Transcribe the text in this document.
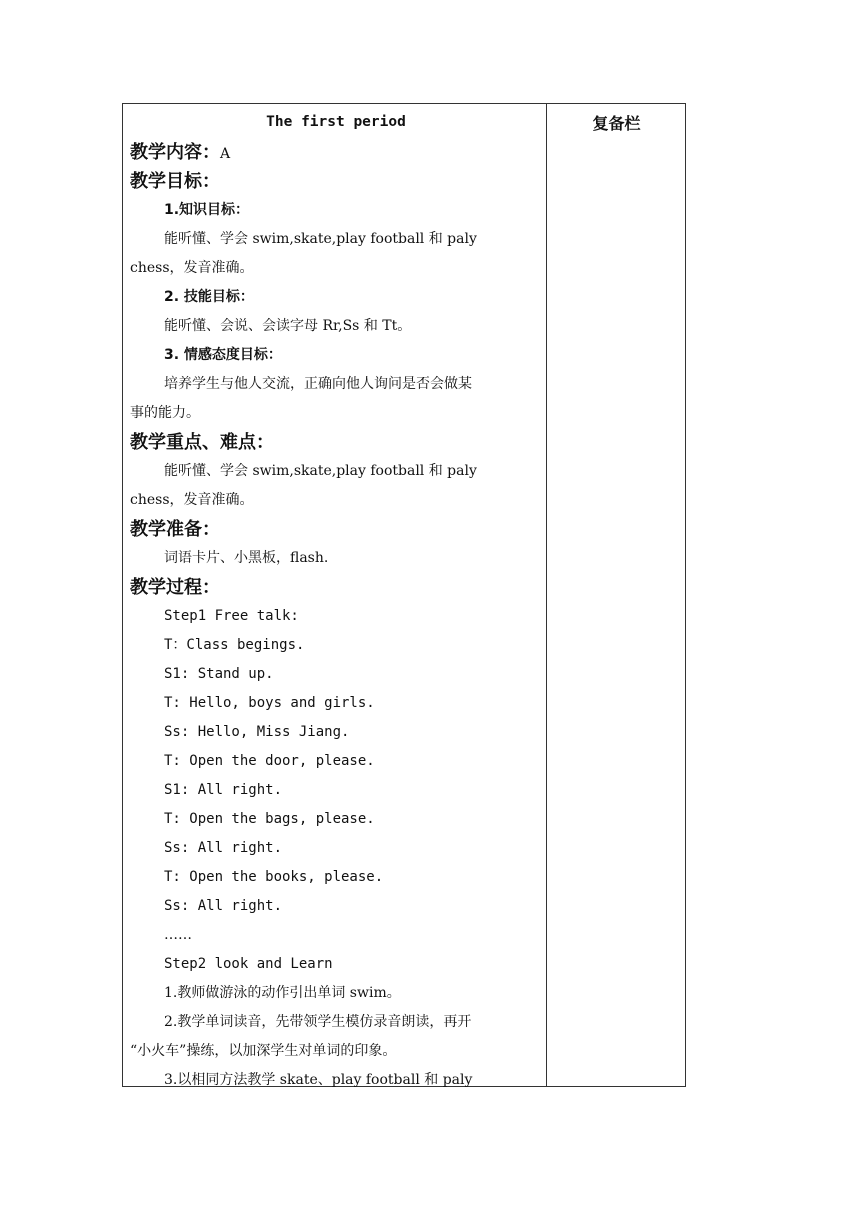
复备栏
The first period
教学内容：A
教学目标：
1.知识目标：
能听懂、学会 swim,skate,play football 和 paly
chess，发音准确。
2. 技能目标：
能听懂、会说、会读字母 Rr,Ss 和 Tt。
3. 情感态度目标：
培养学生与他人交流，正确向他人询问是否会做某
事的能力。
教学重点、难点：
能听懂、学会 swim,skate,play football 和 paly
chess，发音准确。
教学准备：
词语卡片、小黑板，flash.
教学过程：
Step1 Free talk:
T：Class begings.
S1: Stand up.
T: Hello, boys and girls.
Ss: Hello, Miss Jiang.
T: Open the door, please.
S1: All right.
T: Open the bags, please.
Ss: All right.
T: Open the books, please.
Ss: All right.
……
Step2 look and Learn
1.教师做游泳的动作引出单词 swim。
2.教学单词读音，先带领学生模仿录音朗读，再开
“小火车”操练，以加深学生对单词的印象。
3.以相同方法教学 skate、play football 和 paly
